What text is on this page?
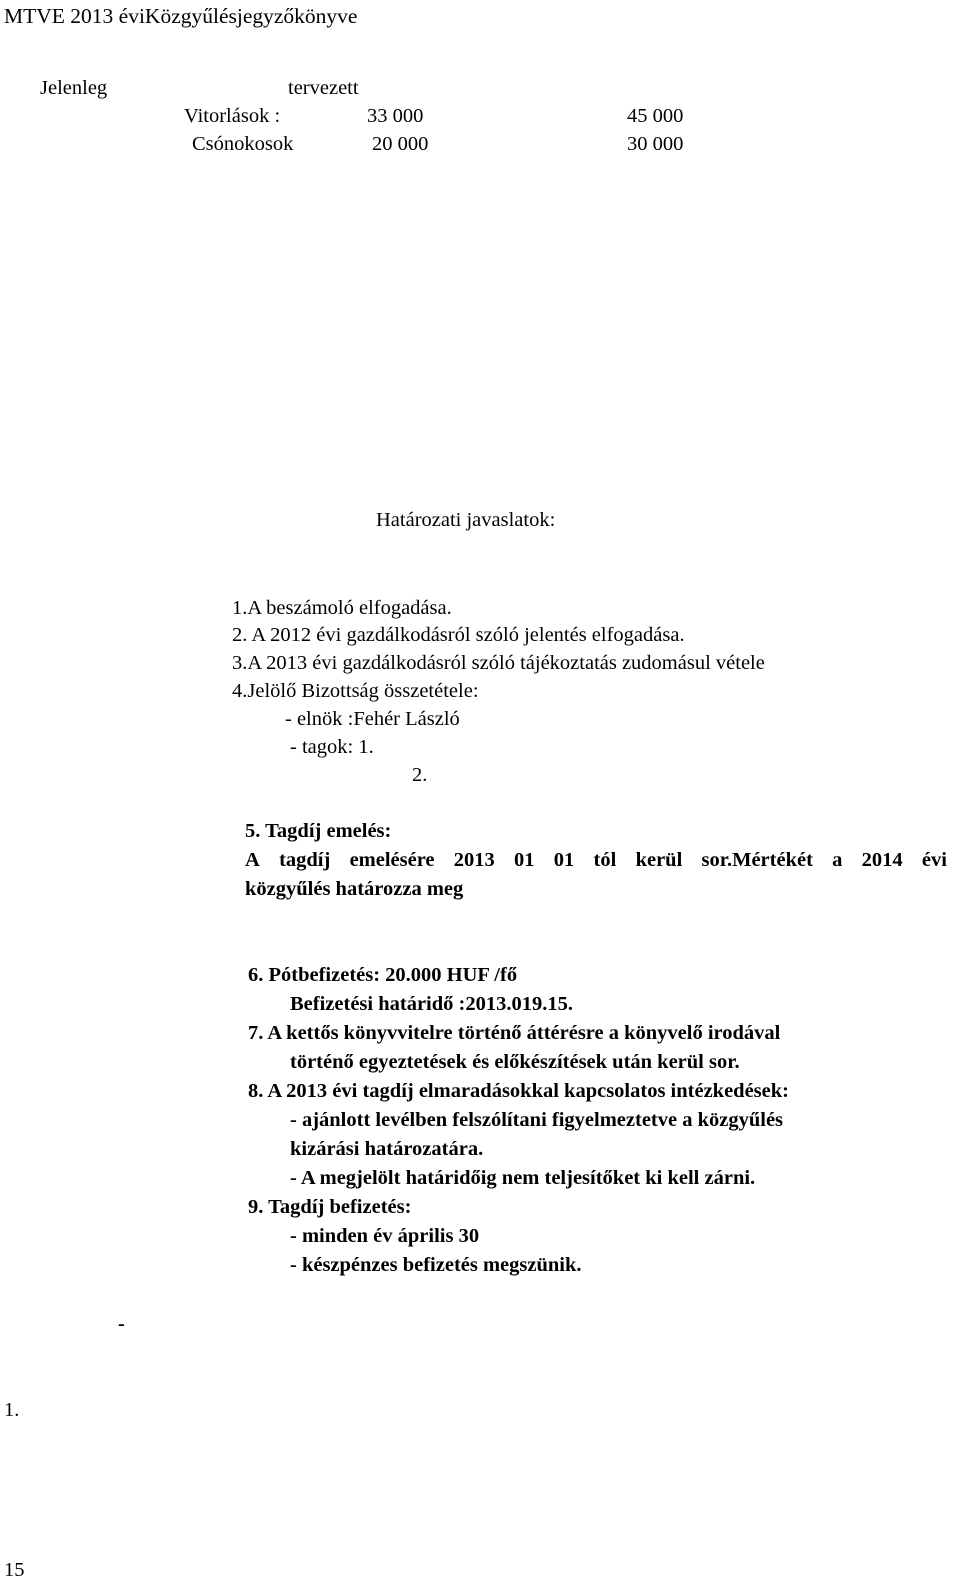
MTVE 2013 éviKözgyűlésjegyzőkönyve
Jelenleg	tervezett
Vitorlások :	33 000	45 000
Csónokosok	20 000	30 000
Határozati javaslatok:
1.A beszámoló elfogadása.
2. A 2012 évi gazdálkodásról szóló jelentés elfogadása.
3.A 2013 évi gazdálkodásról szóló tájékoztatás zudomásul vétele
4.Jelölő Bizottság összetétele:
- elnök :Fehér László
- tagok: 1.
2.
5. Tagdíj emelés:
A tagdíj emelésére 2013 01 01 tól kerül sor.Mértékét a 2014 évi
közgyűlés határozza meg
6. Pótbefizetés: 20.000 HUF /fő
Befizetési határidő :2013.019.15.
7. A kettős könyvvitelre történő áttérésre a könyvelő irodával
történő egyeztetések és előkészítések után kerül sor.
8. A 2013 évi tagdíj elmaradásokkal kapcsolatos intézkedések:
- ajánlott levélben felszólítani figyelmeztetve a közgyűlés
kizárási határozatára.
- A megjelölt határidőig nem teljesítőket ki kell zárni.
9. Tagdíj befizetés:
- minden év április 30
- készpénzes befizetés megszünik.
-
1.
15
